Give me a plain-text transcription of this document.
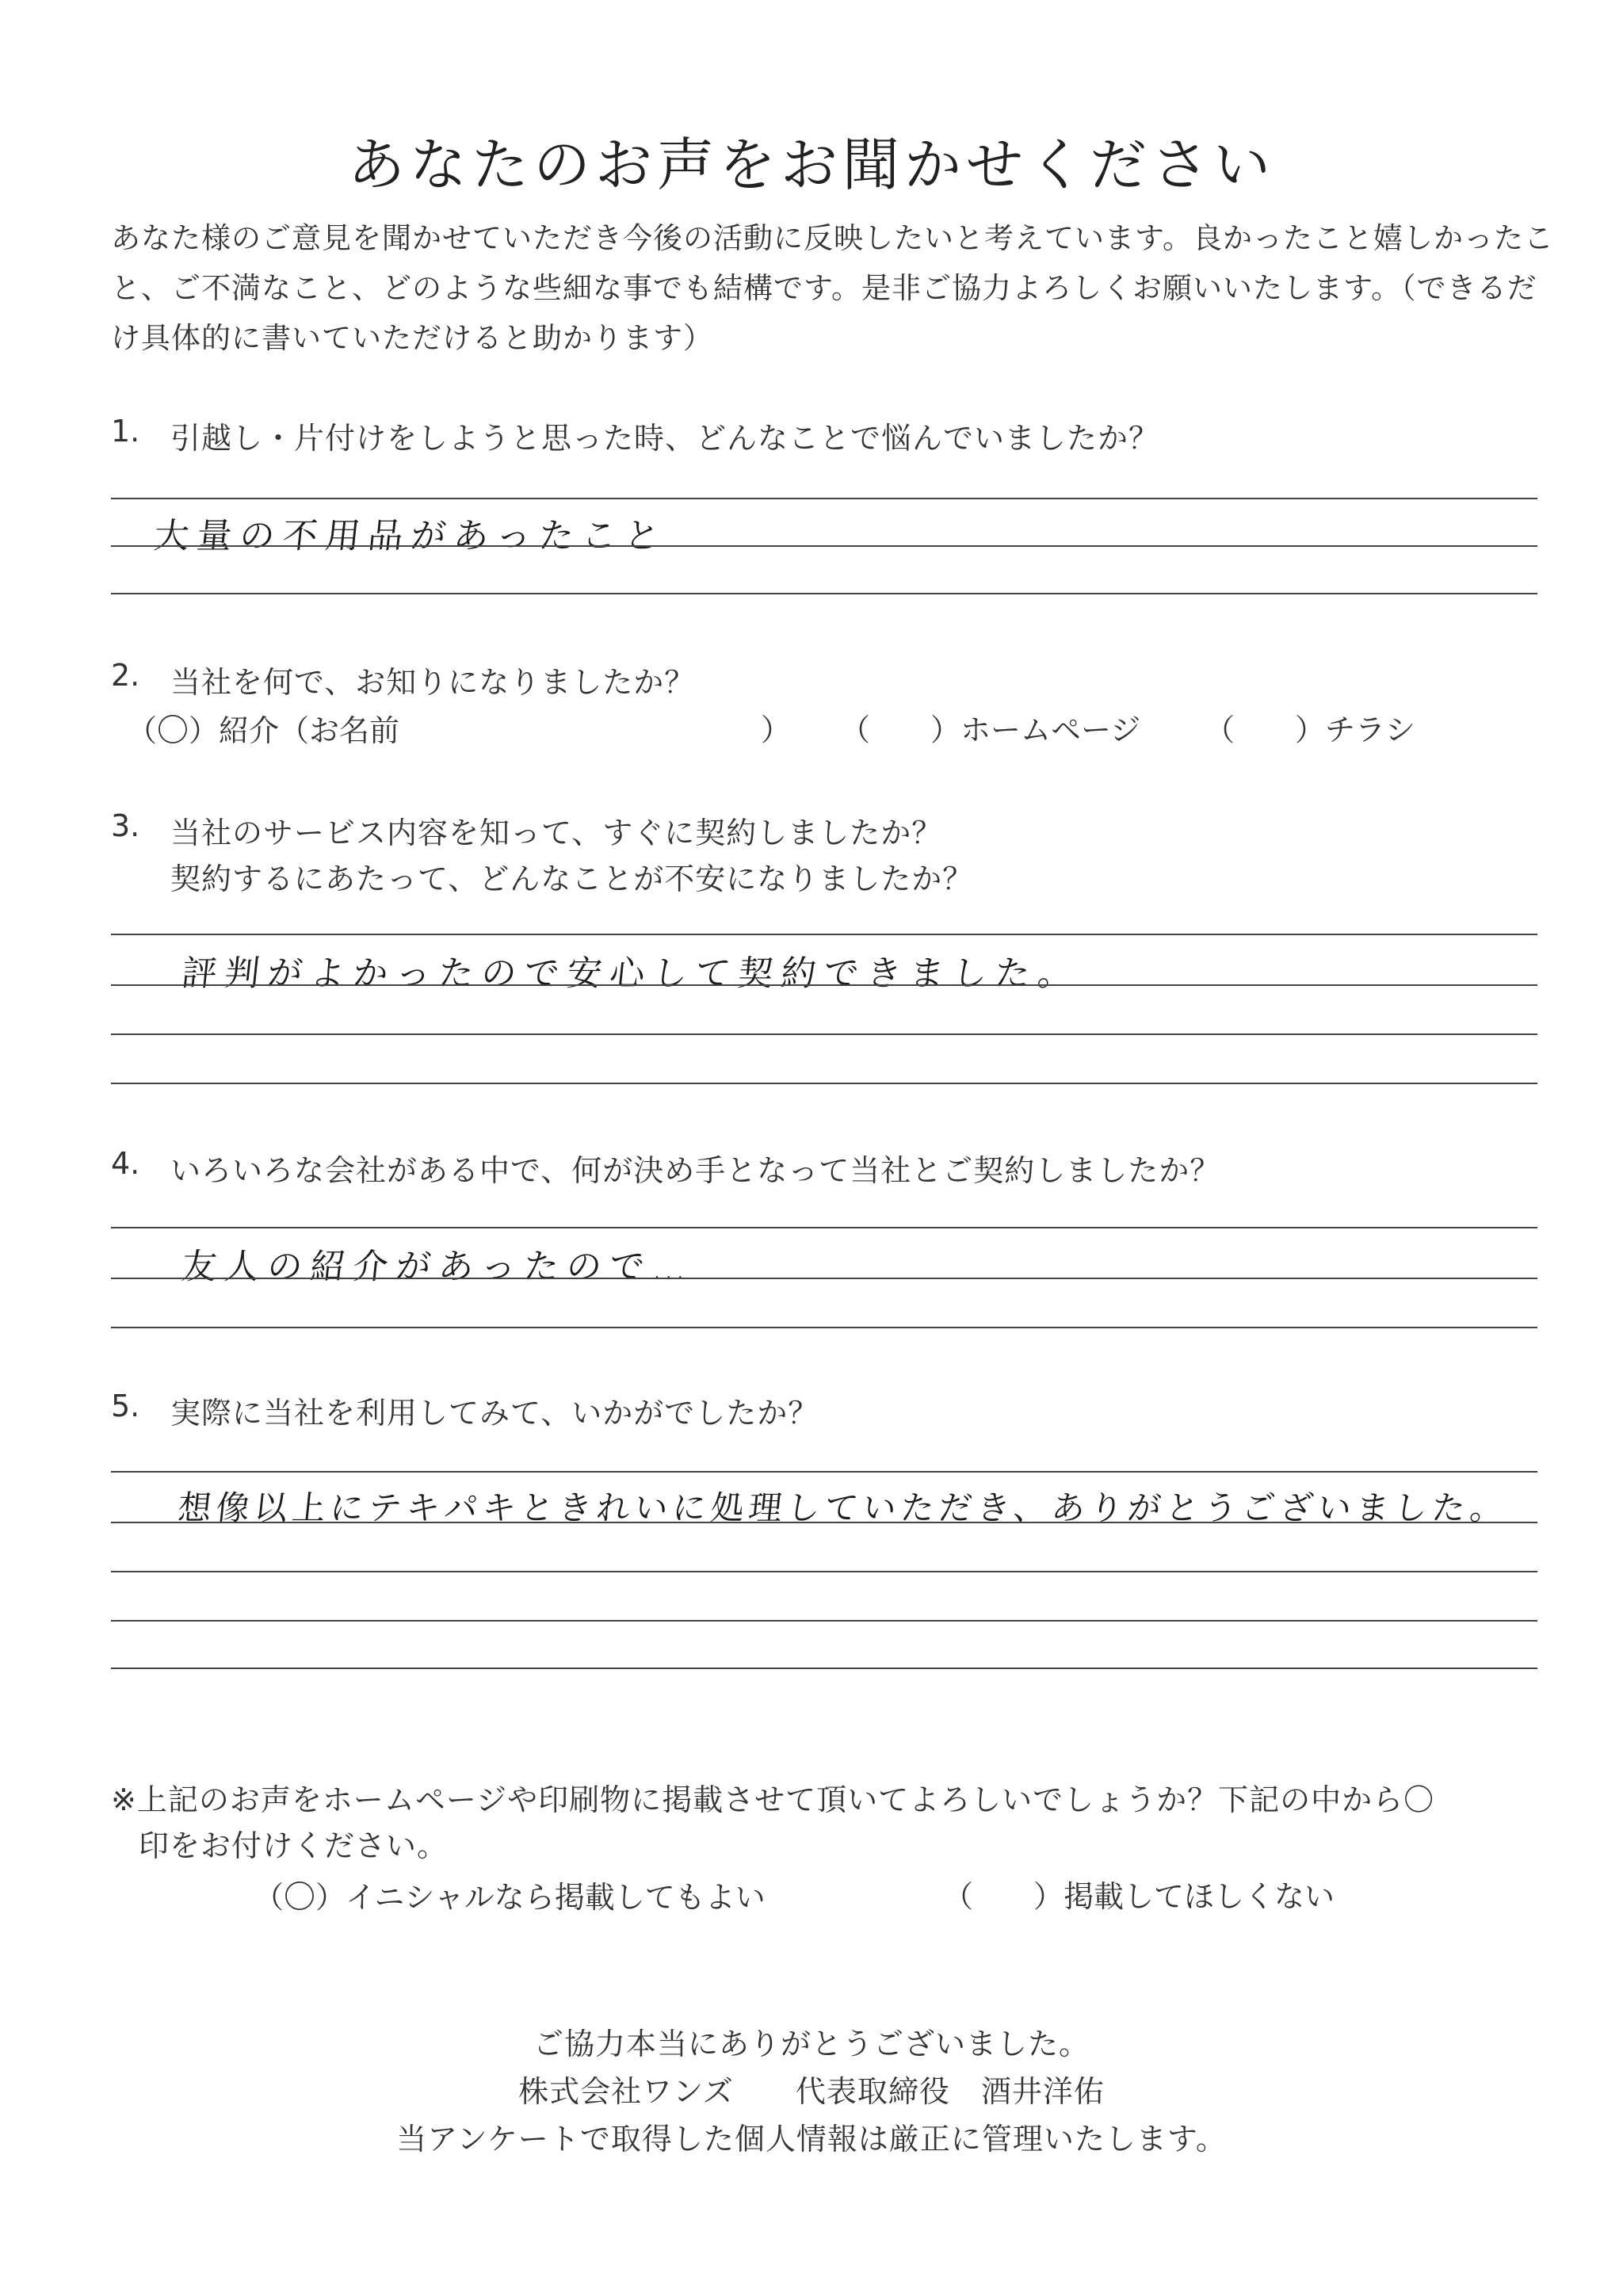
あなたのお声をお聞かせください
あなた様のご意見を聞かせていただき今後の活動に反映したいと考えています。良かったこと嬉しかったこ
と、ご不満なこと、どのような些細な事でも結構です。是非ご協力よろしくお願いいたします。（できるだ
け具体的に書いていただけると助かります）
1. 引越し・片付けをしようと思った時、どんなことで悩んでいましたか？
大量の不用品があったこと
2. 当社を何で、お知りになりましたか？
（〇）紹介（お名前	） （　　）ホームページ （　　）チラシ
3. 当社のサービス内容を知って、すぐに契約しましたか？
契約するにあたって、どんなことが不安になりましたか？
評判がよかったので安心して契約できました。
4. いろいろな会社がある中で、何が決め手となって当社とご契約しましたか？
友人の紹介があったので…
5. 実際に当社を利用してみて、いかがでしたか？
想像以上にテキパキときれいに処理していただき、ありがとうございました。
※上記のお声をホームページや印刷物に掲載させて頂いてよろしいでしょうか？下記の中から〇
印をお付けください。
（〇）イニシャルなら掲載してもよい	（　　）掲載してほしくない
ご協力本当にありがとうございました。
株式会社ワンズ　　代表取締役　酒井洋佑
当アンケートで取得した個人情報は厳正に管理いたします。
